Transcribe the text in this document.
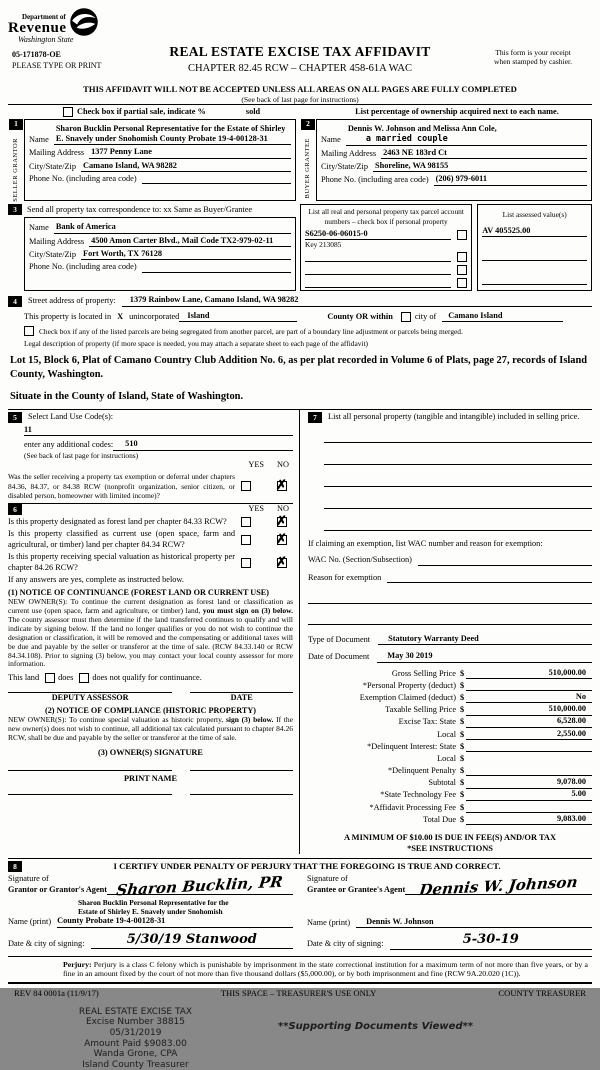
Department of
Revenue
Washington State
05-171878-OE
PLEASE TYPE OR PRINT
REAL ESTATE EXCISE TAX AFFIDAVIT
CHAPTER 82.45 RCW – CHAPTER 458-61A WAC
This form is your receipt
when stamped by cashier.
THIS AFFIDAVIT WILL NOT BE ACCEPTED UNLESS ALL AREAS ON ALL PAGES ARE FULLY COMPLETED
(See back of last page for instructions)
Check box if partial sale, indicate %	sold	List percentage of ownership acquired next to each name.
1
SELLER GRANTOR Name
Sharon Bucklin Personal Representative for the Estate of Shirley E. Snavely under Snohomish County Probate 19-4-00128-31
Mailing Address 1377 Penny Lane
City/State/Zip Camano Island, WA 98282
Phone No. (including area code)
2
BUYER GRANTEE Name
Dennis W. Johnson and Melissa Ann Cole,
a married couple
Mailing Address 2463 NE 183rd Ct
City/State/Zip Shoreline, WA 98155
Phone No. (including area code) (206) 979-6011
3	Send all property tax correspondence to: xx Same as Buyer/Grantee
Name Bank of America
Mailing Address 4500 Amon Carter Blvd., Mail Code TX2-979-02-11
City/State/Zip Fort Worth, TX 76128
Phone No. (including area code)
List all real and personal property tax parcel account
numbers – check box if personal property
S6250-06-06015-0
Key 213085
List assessed value(s)
AV 405525.00
4	Street address of property:	1379 Rainbow Lane, Camano Island, WA 98282
This property is located in X unincorporated Island	County OR within	city of	Camano Island
Check box if any of the listed parcels are being segregated from another parcel, are part of a boundary line adjustment or parcels being merged.
Legal description of property (if more space is needed, you may attach a separate sheet to each page of the affidavit)
Lot 15, Block 6, Plat of Camano Country Club Addition No. 6, as per plat recorded in Volume 6 of Plats, page 27, records of Island County, Washington.
Situate in the County of Island, State of Washington.
5	Select Land Use Code(s):
11
enter any additional codes:	510
(See back of last page for instructions)
YES NO
Was the seller receiving a property tax exemption or deferral under chapters 84.36, 84.37, or 84.38 RCW (nonprofit organization, senior citizen, or disabled person, homeowner with limited income)?
✗
6	YES NO
Is this property designated as forest land per chapter 84.33 RCW?
✗
Is this property classified as current use (open space, farm and agricultural, or timber) land per chapter 84.34 RCW?
✗
Is this property receiving special valuation as historical property per chapter 84.26 RCW?
✗
If any answers are yes, complete as instructed below.
(1) NOTICE OF CONTINUANCE (FOREST LAND OR CURRENT USE)
NEW OWNER(S): To continue the current designation as forest land or classification as current use (open space, farm and agriculture, or timber) land, you must sign on (3) below. The county assessor must then determine if the land transferred continues to qualify and will indicate by signing below. If the land no longer qualifies or you do not wish to continue the designation or classification, it will be removed and the compensating or additional taxes will be due and payable by the seller or transferor at the time of sale. (RCW 84.33.140 or RCW 84.34.108). Prior to signing (3) below, you may contact your local county assessor for more information.
This land	does	does not qualify for continuance.
DEPUTY ASSESSOR	DATE
(2) NOTICE OF COMPLIANCE (HISTORIC PROPERTY)
NEW OWNER(S): To continue special valuation as historic property, sign (3) below. If the new owner(s) does not wish to continue, all additional tax calculated pursuant to chapter 84.26 RCW, shall be due and payable by the seller or transferor at the time of sale.
(3) OWNER(S) SIGNATURE
PRINT NAME
7	List all personal property (tangible and intangible) included in selling price.
If claiming an exemption, list WAC number and reason for exemption:
WAC No. (Section/Subsection)
Reason for exemption
Type of Document	Statutory Warranty Deed
Date of Document	May 30 2019
Gross Selling Price $	510,000.00
*Personal Property (deduct) $
Exemption Claimed (deduct) $	No
Taxable Selling Price $	510,000.00
Excise Tax: State $	6,528.00
Local $	2,550.00
*Delinquent Interest: State $
Local $
*Delinquent Penalty $
Subtotal $	9,078.00
*State Technology Fee $	5.00
*Affidavit Processing Fee $
Total Due $	9,083.00
A MINIMUM OF $10.00 IS DUE IN FEE(S) AND/OR TAX
*SEE INSTRUCTIONS
8	I CERTIFY UNDER PENALTY OF PERJURY THAT THE FOREGOING IS TRUE AND CORRECT.
Signature of
Grantor or Grantor's Agent Sharon Bucklin, PR
Sharon Bucklin Personal Representative for the
Estate of Shirley E. Snavely under Snohomish
Name (print) County Probate 19-4-00128-31
Date & city of signing:	5/30/19 Stanwood
Signature of
Grantee or Grantee's Agent Dennis W. Johnson
Name (print)	Dennis W. Johnson
Date & city of signing:	5-30-19
Perjury: Perjury is a class C felony which is punishable by imprisonment in the state correctional institution for a maximum term of not more than five years, or by a fine in an amount fixed by the court of not more than five thousand dollars ($5,000.00), or by both imprisonment and fine (RCW 9A.20.020 (1C)).
REV 84 0001a (11/9/17)	THIS SPACE – TREASURER'S USE ONLY	COUNTY TREASURER
REAL ESTATE EXCISE TAX
Excise Number 38815
05/31/2019
Amount Paid $9083.00
Wanda Grone, CPA
Island County Treasurer
**Supporting Documents Viewed**
